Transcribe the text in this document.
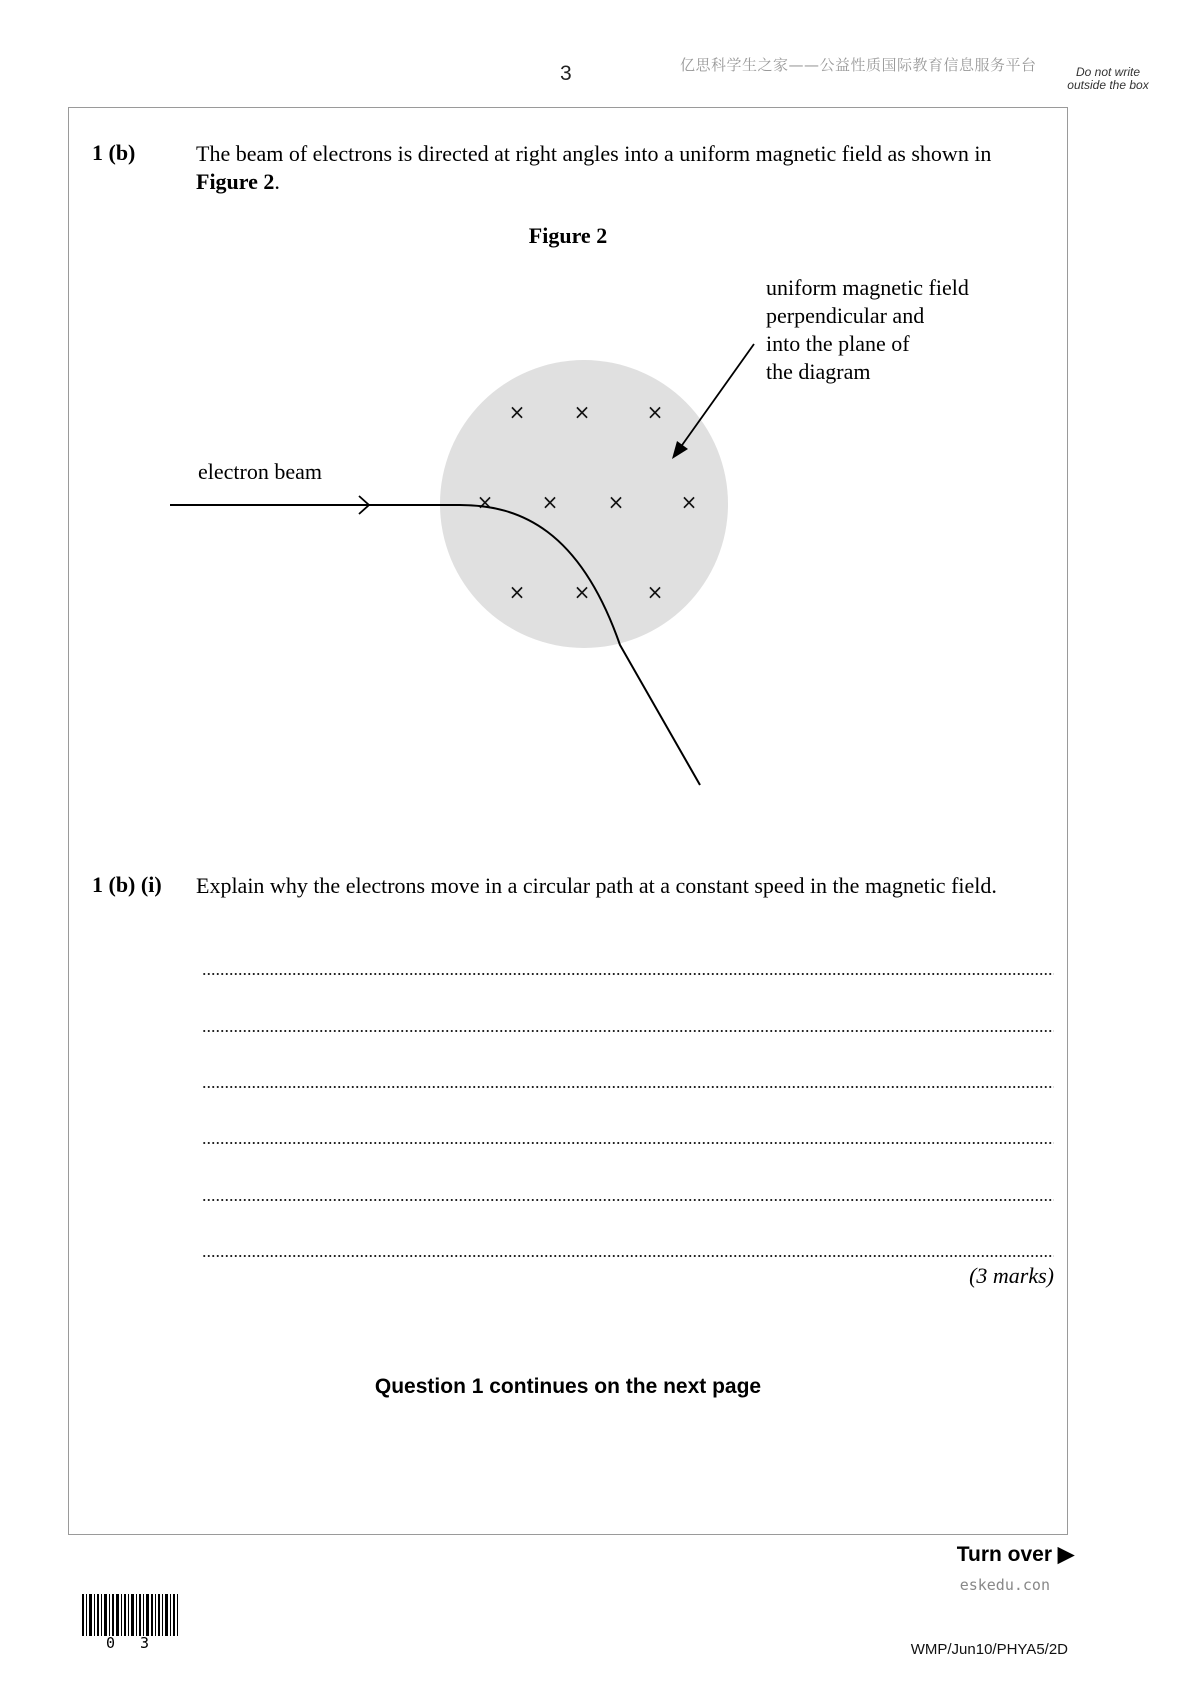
3	亿思科学生之家——公益性质国际教育信息服务平台	Do not write outside the box
1 (b)	The beam of electrons is directed at right angles into a uniform magnetic field as shown in Figure 2.
Figure 2
× ×	×
× × ×	×
× ×	×
electron beam
uniform magnetic field
perpendicular and
into the plane of
the diagram
1 (b) (i) Explain why the electrons move in a circular path at a constant speed in the magnetic field.
(3 marks)
Question 1 continues on the next page
Turn over ▶
eskedu.con
0 3	WMP/Jun10/PHYA5/2D
